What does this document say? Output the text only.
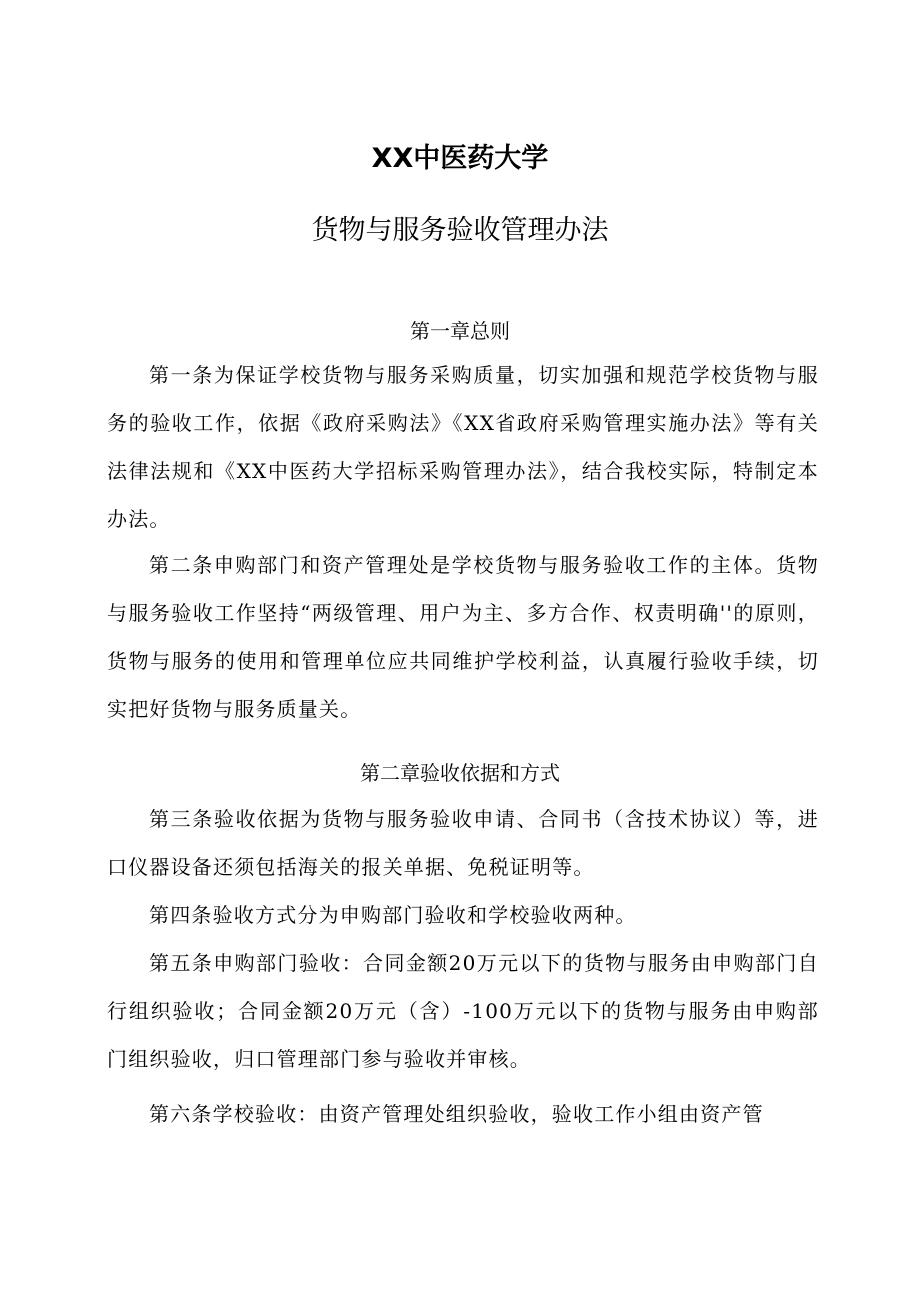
XX中医药大学
货物与服务验收管理办法
第一章总则

第一条为保证学校货物与服务采购质量，切实加强和规范学校货物与服务的验收工作，依据《政府采购法》《XX省政府采购管理实施办法》等有关法律法规和《XX中医药大学招标采购管理办法》，结合我校实际，特制定本办法。

第二条申购部门和资产管理处是学校货物与服务验收工作的主体。货物与服务验收工作坚持“两级管理、用户为主、多方合作、权责明确''的原则，货物与服务的使用和管理单位应共同维护学校利益，认真履行验收手续，切实把好货物与服务质量关。

第二章验收依据和方式

第三条验收依据为货物与服务验收申请、合同书（含技术协议）等，进口仪器设备还须包括海关的报关单据、免税证明等。

第四条验收方式分为申购部门验收和学校验收两种。

第五条申购部门验收：合同金额20万元以下的货物与服务由申购部门自行组织验收；合同金额20万元（含）-100万元以下的货物与服务由申购部门组织验收，归口管理部门参与验收并审核。

第六条学校验收：由资产管理处组织验收，验收工作小组由资产管
